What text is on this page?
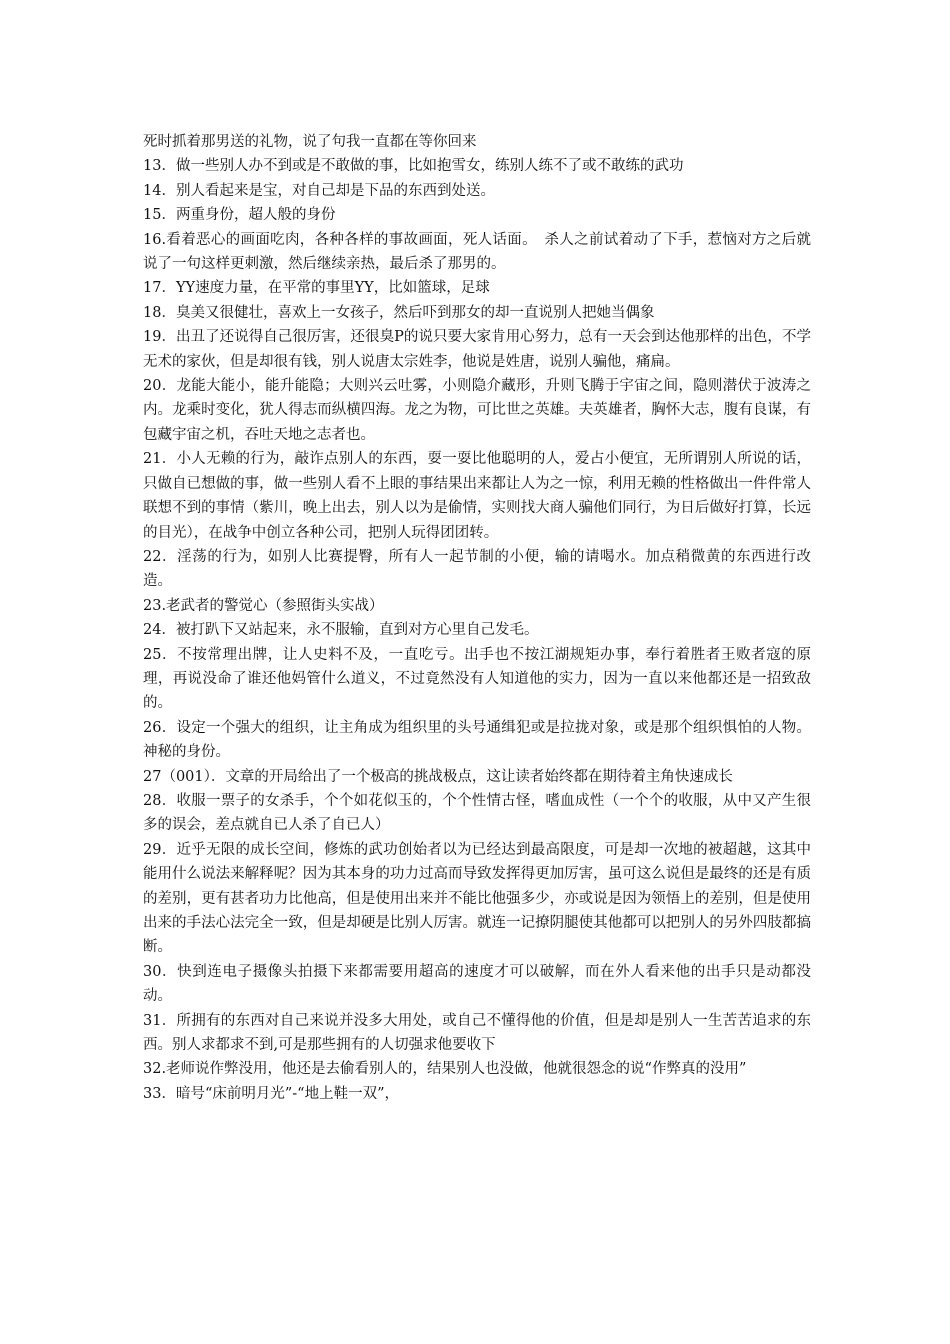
死时抓着那男送的礼物，说了句我一直都在等你回来

13．做一些别人办不到或是不敢做的事，比如抱雪女，练别人练不了或不敢练的武功

14．别人看起来是宝，对自己却是下品的东西到处送。

15．两重身份，超人般的身份

16.看着恶心的画面吃肉，各种各样的事故画面，死人话面。　杀人之前试着动了下手，惹恼对方之后就说了一句这样更刺激，然后继续亲热，最后杀了那男的。

17．YY速度力量，在平常的事里YY，比如篮球，足球

18．臭美又很健壮，喜欢上一女孩子，然后吓到那女的却一直说别人把她当偶象

19．出丑了还说得自己很厉害，还很臭P的说只要大家肯用心努力，总有一天会到达他那样的出色，不学无术的家伙，但是却很有钱，别人说唐太宗姓李，他说是姓唐，说别人骗他，痛扁。

20．龙能大能小，能升能隐；大则兴云吐雾，小则隐介藏形，升则飞腾于宇宙之间，隐则潜伏于波涛之内。龙乘时变化，犹人得志而纵横四海。龙之为物，可比世之英雄。夫英雄者，胸怀大志，腹有良谋，有包藏宇宙之机，吞吐天地之志者也。

21．小人无赖的行为，敲诈点别人的东西，耍一耍比他聪明的人，爱占小便宜，无所谓别人所说的话，只做自已想做的事，做一些别人看不上眼的事结果出来都让人为之一惊，利用无赖的性格做出一件件常人联想不到的事情（紫川，晚上出去，别人以为是偷情，实则找大商人骗他们同行，为日后做好打算，长远的目光），在战争中创立各种公司，把别人玩得团团转。

22．淫荡的行为，如别人比赛提臀，所有人一起节制的小便，输的请喝水。加点稍微黄的东西进行改造。

23.老武者的警觉心（参照街头实战）

24．被打趴下又站起来，永不服输，直到对方心里自己发毛。

25．不按常理出牌，让人史料不及，一直吃亏。出手也不按江湖规矩办事，奉行着胜者王败者寇的原理，再说没命了谁还他妈管什么道义，不过竟然没有人知道他的实力，因为一直以来他都还是一招致敌的。

26．设定一个强大的组织，让主角成为组织里的头号通缉犯或是拉拢对象，或是那个组织惧怕的人物。神秘的身份。

27（001）．文章的开局给出了一个极高的挑战极点，这让读者始终都在期待着主角快速成长

28．收服一票子的女杀手，个个如花似玉的，个个性情古怪，嗜血成性（一个个的收服，从中又产生很多的误会，差点就自已人杀了自已人）

29．近乎无限的成长空间，修炼的武功创始者以为已经达到最高限度，可是却一次地的被超越，这其中能用什么说法来解释呢？因为其本身的功力过高而导致发挥得更加厉害，虽可这么说但是最终的还是有质的差别，更有甚者功力比他高，但是使用出来并不能比他强多少，亦或说是因为领悟上的差别，但是使用出来的手法心法完全一致，但是却硬是比别人厉害。就连一记撩阴腿使其他都可以把别人的另外四肢都搞断。

30．快到连电子摄像头拍摄下来都需要用超高的速度才可以破解，而在外人看来他的出手只是动都没动。

31．所拥有的东西对自己来说并没多大用处，或自己不懂得他的价值，但是却是别人一生苦苦追求的东西。别人求都求不到,可是那些拥有的人切强求他要收下

32.老师说作弊没用，他还是去偷看别人的，结果别人也没做，他就很怨念的说“作弊真的没用”

33．暗号“床前明月光”-“地上鞋一双”，
